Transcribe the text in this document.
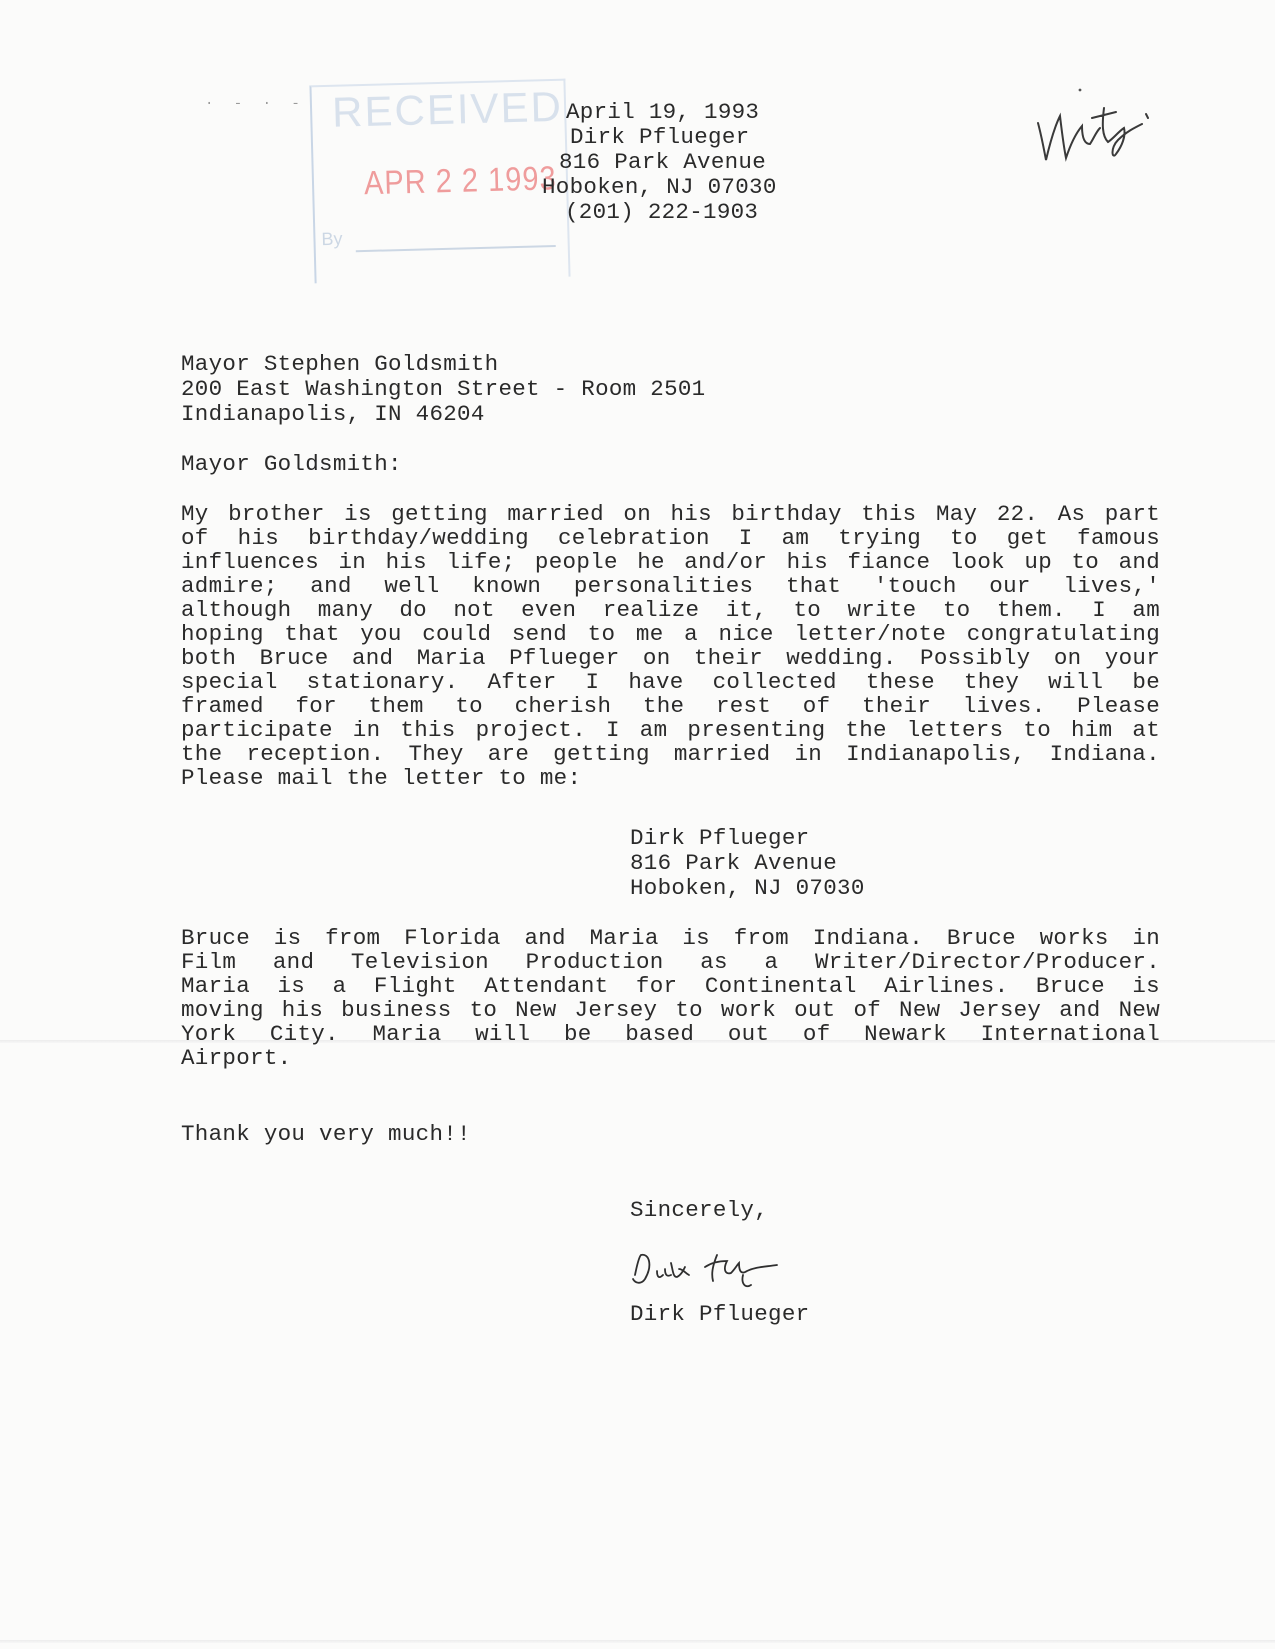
· - · - RECEIVED
APR 2 2 1993
By
April 19, 1993
Dirk Pflueger
816 Park Avenue
Hoboken, NJ 07030
(201) 222-1903
Mayor Stephen Goldsmith
200 East Washington Street - Room 2501
Indianapolis, IN 46204
Mayor Goldsmith:
My brother is getting married on his birthday this May 22. As part
of his birthday/wedding celebration I am trying to get famous
influences in his life; people he and/or his fiance look up to and
admire; and well known personalities that 'touch our lives,'
although many do not even realize it, to write to them. I am
hoping that you could send to me a nice letter/note congratulating
both Bruce and Maria Pflueger on their wedding. Possibly on your
special stationary. After I have collected these they will be
framed for them to cherish the rest of their lives. Please
participate in this project. I am presenting the letters to him at
the reception. They are getting married in Indianapolis, Indiana.
Please mail the letter to me:
Dirk Pflueger
816 Park Avenue
Hoboken, NJ 07030
Bruce is from Florida and Maria is from Indiana. Bruce works in
Film and Television Production as a Writer/Director/Producer.
Maria is a Flight Attendant for Continental Airlines. Bruce is
moving his business to New Jersey to work out of New Jersey and New
York City. Maria will be based out of Newark International
Airport.
Thank you very much!!
Sincerely,
Dirk Pflueger
